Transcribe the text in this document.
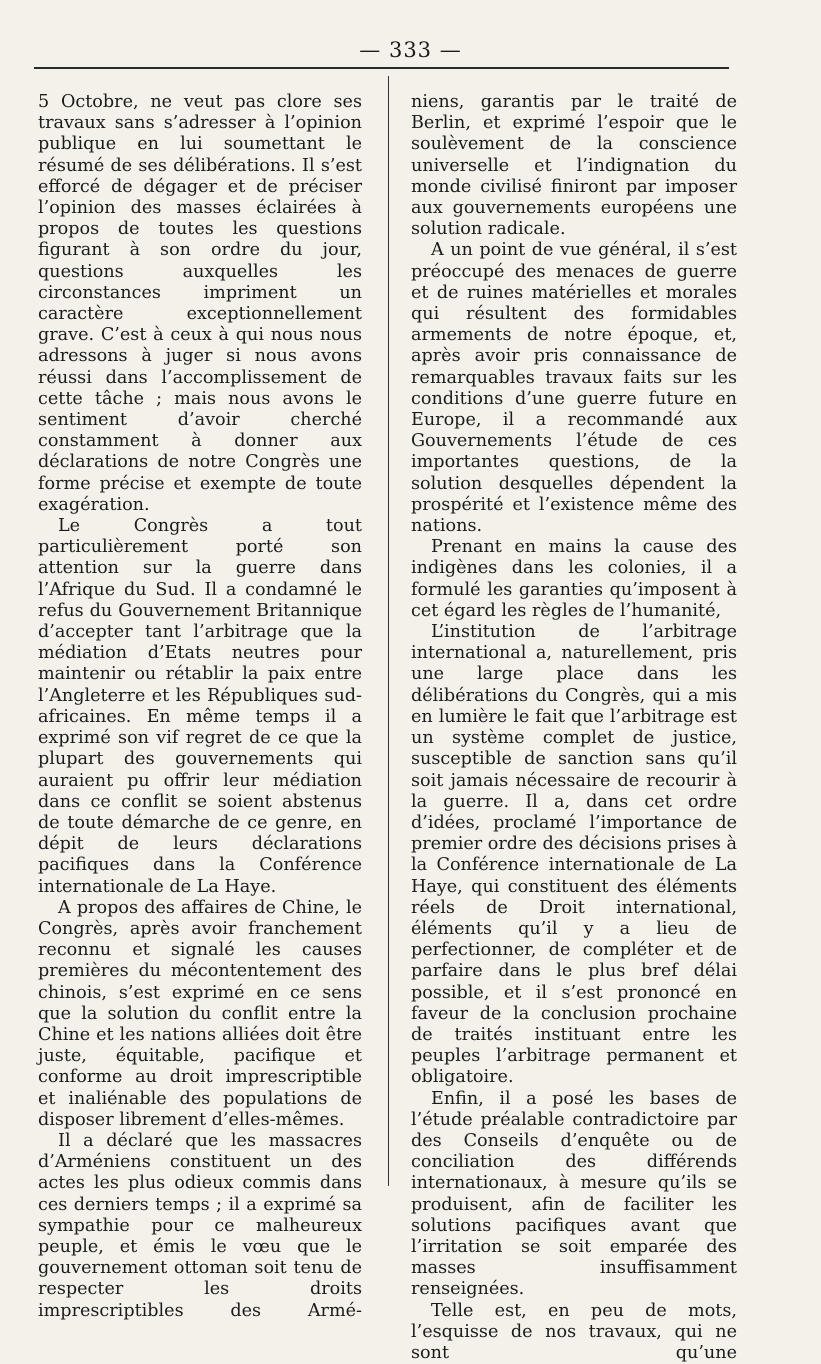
— 333 —

5 Octobre, ne veut pas clore ses travaux sans s’adresser à l’opinion publique en lui soumettant le résumé de ses délibérations. Il s’est efforcé de dégager et de préciser l’opinion des masses éclairées à propos de toutes les questions figurant à son ordre du jour, questions auxquelles les circonstances impriment un caractère exceptionnellement grave. C’est à ceux à qui nous nous adressons à juger si nous avons réussi dans l’accomplissement de cette tâche ; mais nous avons le sentiment d’avoir cherché constamment à donner aux déclarations de notre Congrès une forme précise et exempte de toute exagération.

Le Congrès a tout particulièrement porté son attention sur la guerre dans l’Afrique du Sud. Il a condamné le refus du Gouvernement Britannique d’accepter tant l’arbitrage que la médiation d’Etats neutres pour maintenir ou rétablir la paix entre l’Angleterre et les Républiques sud-africaines. En même temps il a exprimé son vif regret de ce que la plupart des gouvernements qui auraient pu offrir leur médiation dans ce conflit se soient abstenus de toute démarche de ce genre, en dépit de leurs déclarations pacifiques dans la Conférence internationale de La Haye.

A propos des affaires de Chine, le Congrès, après avoir franchement reconnu et signalé les causes premières du mécontentement des chinois, s’est exprimé en ce sens que la solution du conflit entre la Chine et les nations alliées doit être juste, équitable, pacifique et conforme au droit imprescriptible et inaliénable des populations de disposer librement d’elles-mêmes.

Il a déclaré que les massacres d’Arméniens constituent un des actes les plus odieux commis dans ces derniers temps ; il a exprimé sa sympathie pour ce malheureux peuple, et émis le vœu que le gouvernement ottoman soit tenu de respecter les droits imprescriptibles des Armé-

niens, garantis par le traité de Berlin, et exprimé l’espoir que le soulèvement de la conscience universelle et l’indignation du monde civilisé finiront par imposer aux gouvernements européens une solution radicale.

A un point de vue général, il s’est préoccupé des menaces de guerre et de ruines matérielles et morales qui résultent des formidables armements de notre époque, et, après avoir pris connaissance de remarquables travaux faits sur les conditions d’une guerre future en Europe, il a recommandé aux Gouvernements l’étude de ces importantes questions, de la solution desquelles dépendent la prospérité et l’existence même des nations.

Prenant en mains la cause des indigènes dans les colonies, il a formulé les garanties qu’imposent à cet égard les règles de l’humanité,

L’institution de l’arbitrage international a, naturellement, pris une large place dans les délibérations du Congrès, qui a mis en lumière le fait que l’arbitrage est un système complet de justice, susceptible de sanction sans qu’il soit jamais nécessaire de recourir à la guerre. Il a, dans cet ordre d’idées, proclamé l’importance de premier ordre des décisions prises à la Conférence internationale de La Haye, qui constituent des éléments réels de Droit international, éléments qu’il y a lieu de perfectionner, de compléter et de parfaire dans le plus bref délai possible, et il s’est prononcé en faveur de la conclusion prochaine de traités instituant entre les peuples l’arbitrage permanent et obligatoire.

Enfin, il a posé les bases de l’étude préalable contradictoire par des Conseils d’enquête ou de conciliation des différends internationaux, à mesure qu’ils se produisent, afin de faciliter les solutions pacifiques avant que l’irritation se soit emparée des masses insuffisamment renseignées.

Telle est, en peu de mots, l’esquisse de nos travaux, qui ne sont qu’une
